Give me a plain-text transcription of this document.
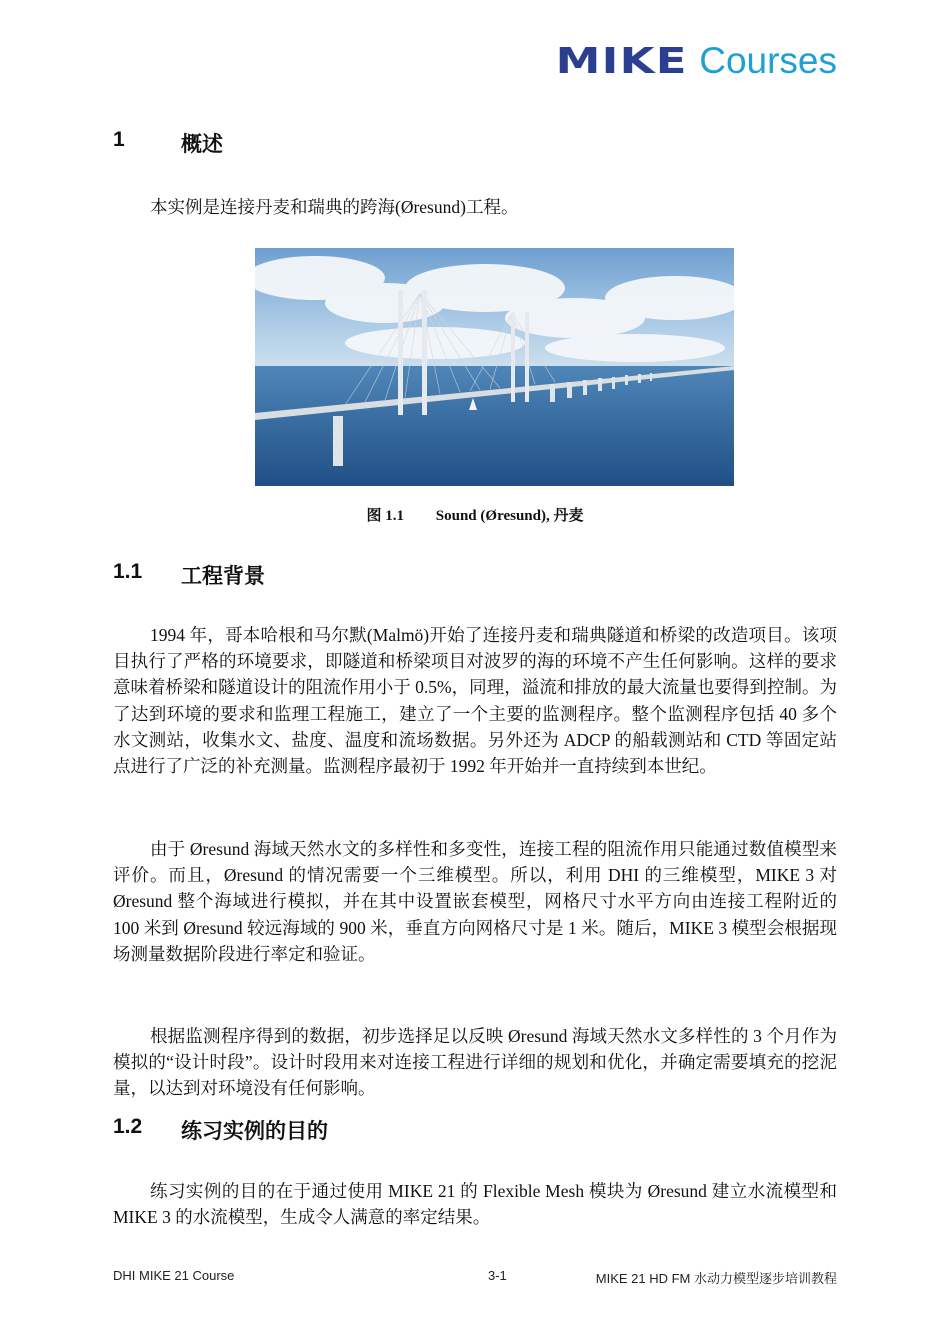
MIKE Courses
1	概述

本实例是连接丹麦和瑞典的跨海(Øresund)工程。

图 1.1 Sound (Øresund), 丹麦
1.1	工程背景

1994 年，哥本哈根和马尔默(Malmö)开始了连接丹麦和瑞典隧道和桥梁的改造项目。该项目执行了严格的环境要求，即隧道和桥梁项目对波罗的海的环境不产生任何影响。这样的要求意味着桥梁和隧道设计的阻流作用小于 0.5%，同理，溢流和排放的最大流量也要得到控制。为了达到环境的要求和监理工程施工，建立了一个主要的监测程序。整个监测程序包括 40 多个水文测站，收集水文、盐度、温度和流场数据。另外还为 ADCP 的船载测站和 CTD 等固定站点进行了广泛的补充测量。监测程序最初于 1992 年开始并一直持续到本世纪。

由于 Øresund 海域天然水文的多样性和多变性，连接工程的阻流作用只能通过数值模型来评价。而且，Øresund 的情况需要一个三维模型。所以，利用 DHI 的三维模型，MIKE 3 对 Øresund 整个海域进行模拟，并在其中设置嵌套模型，网格尺寸水平方向由连接工程附近的 100 米到 Øresund 较远海域的 900 米，垂直方向网格尺寸是 1 米。随后，MIKE 3 模型会根据现场测量数据阶段进行率定和验证。

根据监测程序得到的数据，初步选择足以反映 Øresund 海域天然水文多样性的 3 个月作为模拟的“设计时段”。设计时段用来对连接工程进行详细的规划和优化，并确定需要填充的挖泥量，以达到对环境没有任何影响。

1.2	练习实例的目的

练习实例的目的在于通过使用 MIKE 21 的 Flexible Mesh 模块为 Øresund 建立水流模型和 MIKE 3 的水流模型，生成令人满意的率定结果。

DHI MIKE 21 Course	3-1	MIKE 21 HD FM 水动力模型逐步培训教程
